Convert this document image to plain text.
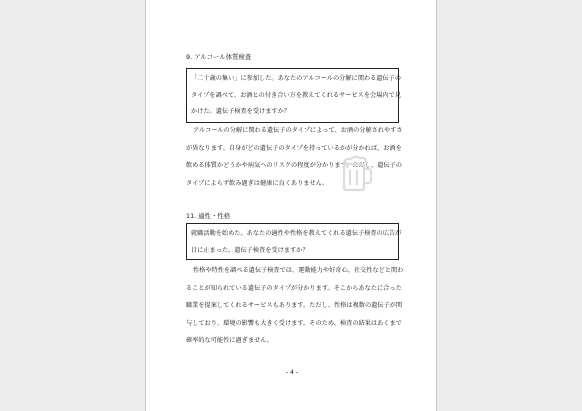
9. アルコール体質検査
「二十歳の集い」に参加した。あなたのアルコールの分解に関わる遺伝子の
タイプを調べて、お酒との付き合い方を教えてくれるサービスを会場内で見
かけた。遺伝子検査を受けますか？
アルコールの分解に関わる遺伝子のタイプによって、お酒の分解されやすさ
が異なります。自身がどの遺伝子のタイプを持っているかが分かれば、お酒を
飲める体質かどうかや病気へのリスクの程度が分かります。ただし、遺伝子の
タイプによらず飲み過ぎは健康に良くありません。
11. 適性・性格
就職活動を始めた。あなたの適性や性格を教えてくれる遺伝子検査の広告が
目に止まった。遺伝子検査を受けますか？
性格や特性を調べる遺伝子検査では、運動能力や好奇心、社交性などと関わ
ることが知られている遺伝子のタイプが分かります。そこからあなたに合った
職業を提案してくれるサービスもあります。ただし、性格は複数の遺伝子が関
与しており、環境の影響も大きく受けます。そのため、検査の結果はあくまで
確率的な可能性に過ぎません。
- 4 -
